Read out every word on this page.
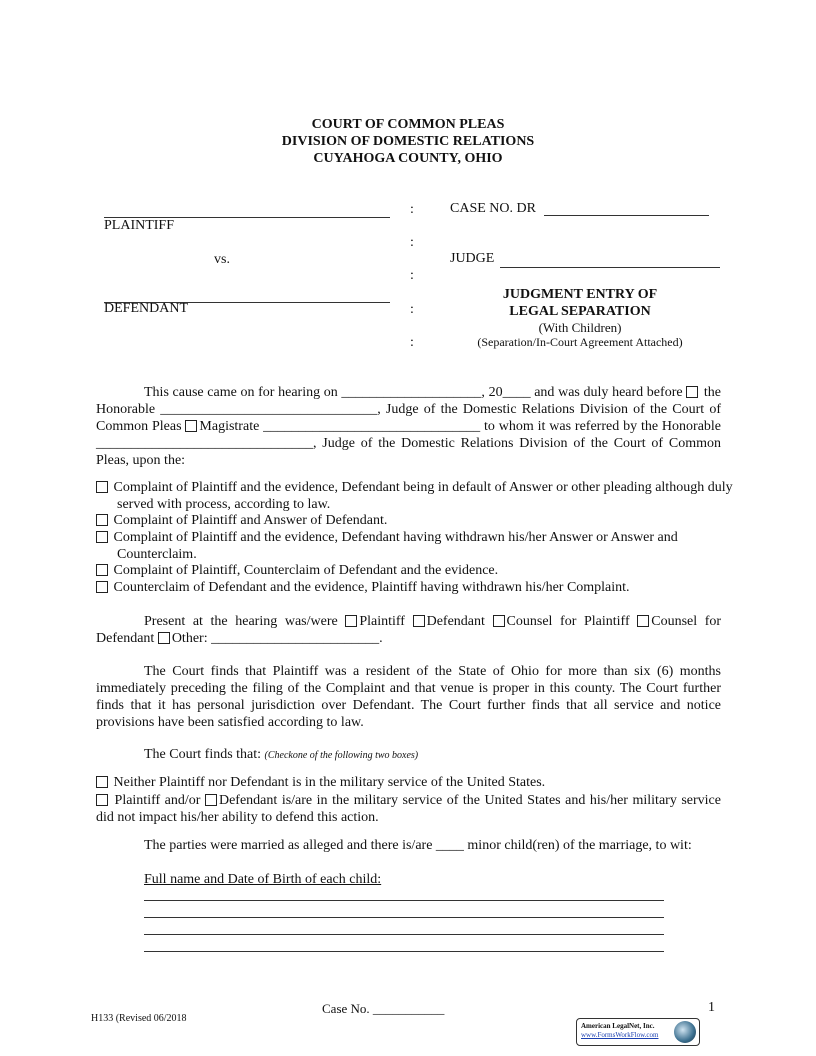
COURT OF COMMON PLEAS
DIVISION OF DOMESTIC RELATIONS
CUYAHOGA COUNTY, OHIO
PLAINTIFF
vs.
DEFENDANT
:
:
:
:
:
CASE NO. DR
JUDGE
JUDGMENT ENTRY OF
LEGAL SEPARATION
(With Children)
(Separation/In-Court Agreement Attached)
This cause came on for hearing on ____________________, 20____ and was duly heard before the Honorable _______________________________, Judge of the Domestic Relations Division of the Court of Common Pleas Magistrate _______________________________ to whom it was referred by the Honorable _______________________________, Judge of the Domestic Relations Division of the Court of Common Pleas, upon the:
Complaint of Plaintiff and the evidence, Defendant being in default of Answer or other pleading although duly served with process, according to law.
Complaint of Plaintiff and Answer of Defendant.
Complaint of Plaintiff and the evidence, Defendant having withdrawn his/her Answer or Answer and Counterclaim.
Complaint of Plaintiff, Counterclaim of Defendant and the evidence.
Counterclaim of Defendant and the evidence, Plaintiff having withdrawn his/her Complaint.
Present at the hearing was/were Plaintiff Defendant Counsel for Plaintiff Counsel for Defendant Other: ________________________.
The Court finds that Plaintiff was a resident of the State of Ohio for more than six (6) months immediately preceding the filing of the Complaint and that venue is proper in this county. The Court further finds that it has personal jurisdiction over Defendant. The Court further finds that all service and notice provisions have been satisfied according to law.
The Court finds that: (Checkone of the following two boxes)
Neither Plaintiff nor Defendant is in the military service of the United States.
Plaintiff and/or Defendant is/are in the military service of the United States and his/her military service did not impact his/her ability to defend this action.
The parties were married as alleged and there is/are ____ minor child(ren) of the marriage, to wit:
Full name and Date of Birth of each child:
Case No. ___________
H133 (Revised 06/2018
1
American LegalNet, Inc.
www.FormsWorkFlow.com
